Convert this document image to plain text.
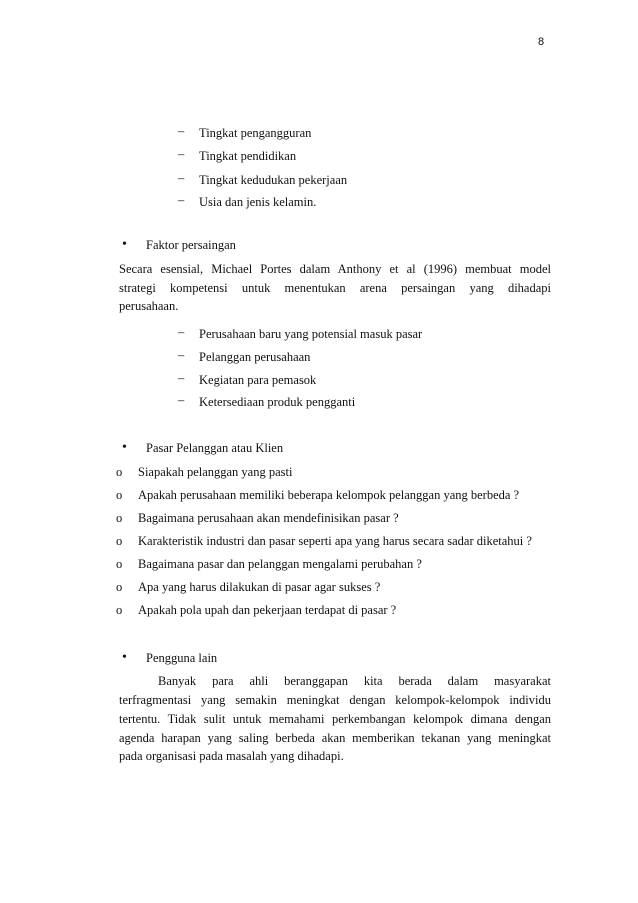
8
– Tingkat pengangguran
– Tingkat pendidikan
– Tingkat kedudukan pekerjaan
– Usia dan jenis kelamin.
• Faktor persaingan
Secara esensial, Michael Portes dalam Anthony et al (1996) membuat model
strategi kompetensi untuk menentukan arena persaingan yang dihadapi
perusahaan.
– Perusahaan baru yang potensial masuk pasar
– Pelanggan perusahaan
– Kegiatan para pemasok
– Ketersediaan produk pengganti
• Pasar Pelanggan atau Klien
o Siapakah pelanggan yang pasti
o Apakah perusahaan memiliki beberapa kelompok pelanggan yang berbeda ?
o Bagaimana perusahaan akan mendefinisikan pasar ?
o Karakteristik industri dan pasar seperti apa yang harus secara sadar diketahui ?
o Bagaimana pasar dan pelanggan mengalami perubahan ?
o Apa yang harus dilakukan di pasar agar sukses ?
o Apakah pola upah dan pekerjaan terdapat di pasar ?
• Pengguna lain
Banyak para ahli beranggapan kita berada dalam masyarakat
terfragmentasi yang semakin meningkat dengan kelompok-kelompok individu
tertentu. Tidak sulit untuk memahami perkembangan kelompok dimana dengan
agenda harapan yang saling berbeda akan memberikan tekanan yang meningkat
pada organisasi pada masalah yang dihadapi.
